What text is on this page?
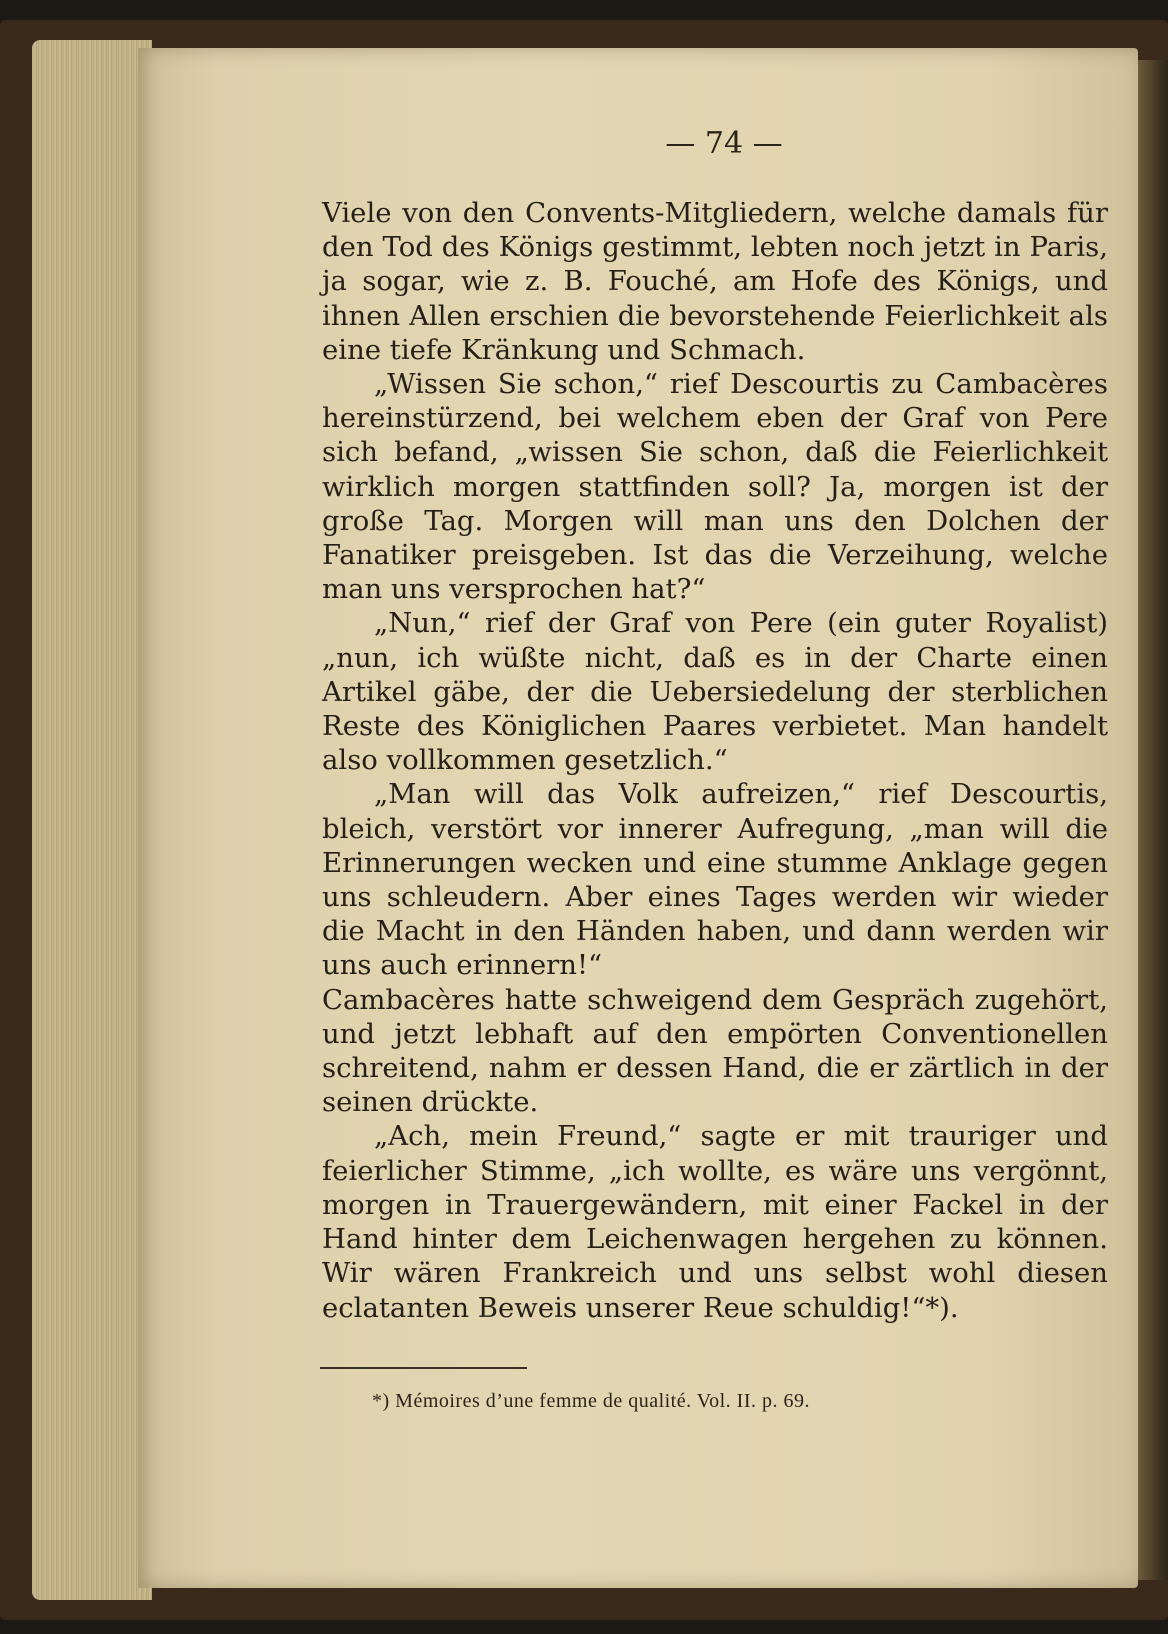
— 74 —

Viele von den Convents-Mitgliedern, welche damals für den Tod des Königs gestimmt, lebten noch jetzt in Paris, ja sogar, wie z. B. Fouché, am Hofe des Königs, und ihnen Allen erschien die bevorstehende Feierlichkeit als eine tiefe Kränkung und Schmach.

„Wissen Sie schon,“ rief Descourtis zu Cambacères hereinstürzend, bei welchem eben der Graf von Pere sich befand, „wissen Sie schon, daß die Feierlichkeit wirklich morgen stattfinden soll? Ja, morgen ist der große Tag. Morgen will man uns den Dolchen der Fanatiker preisgeben. Ist das die Verzeihung, welche man uns versprochen hat?“

„Nun,“ rief der Graf von Pere (ein guter Royalist) „nun, ich wüßte nicht, daß es in der Charte einen Artikel gäbe, der die Uebersiedelung der sterblichen Reste des Königlichen Paares verbietet. Man handelt also vollkommen gesetzlich.“

„Man will das Volk aufreizen,“ rief Descourtis, bleich, verstört vor innerer Aufregung, „man will die Erinnerungen wecken und eine stumme Anklage gegen uns schleudern. Aber eines Tages werden wir wieder die Macht in den Händen haben, und dann werden wir uns auch erinnern!“

Cambacères hatte schweigend dem Gespräch zugehört, und jetzt lebhaft auf den empörten Conventionellen schreitend, nahm er dessen Hand, die er zärtlich in der seinen drückte.

„Ach, mein Freund,“ sagte er mit trauriger und feierlicher Stimme, „ich wollte, es wäre uns vergönnt, morgen in Trauergewändern, mit einer Fackel in der Hand hinter dem Leichenwagen hergehen zu können. Wir wären Frankreich und uns selbst wohl diesen eclatanten Beweis unserer Reue schuldig!“*).

*) Mémoires d’une femme de qualité. Vol. II. p. 69.
